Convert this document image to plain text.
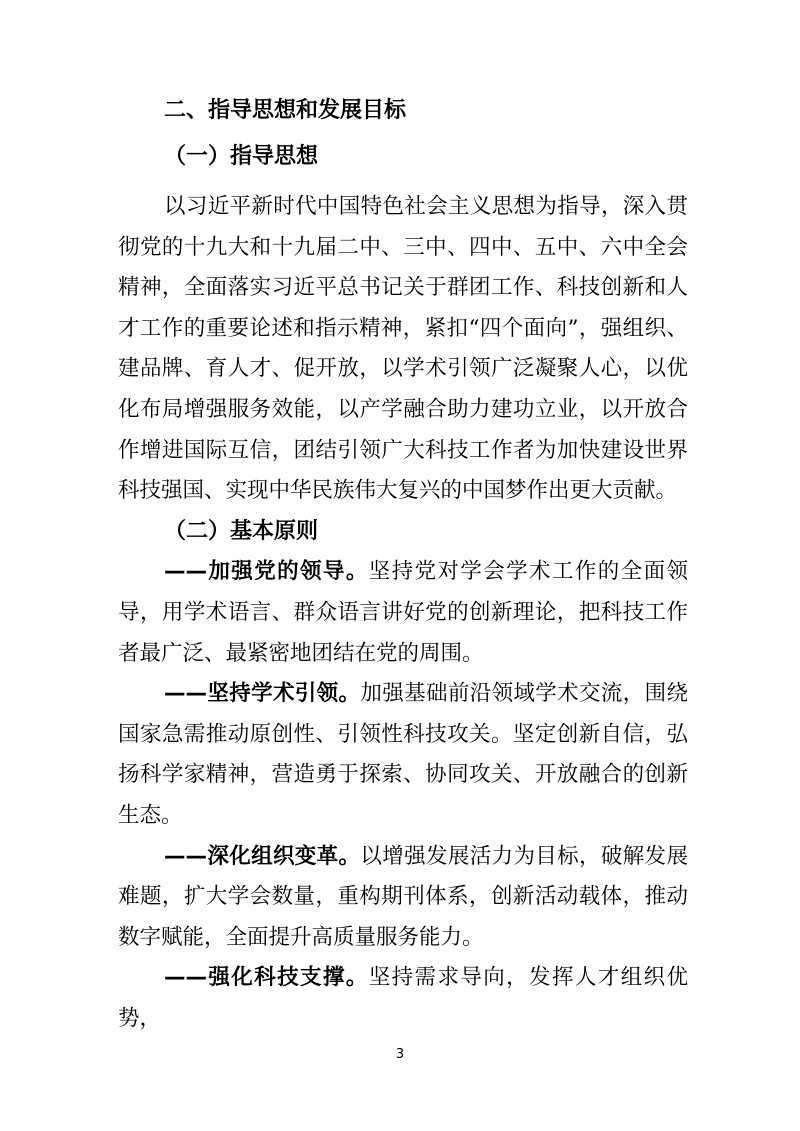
二、指导思想和发展目标
（一）指导思想

以习近平新时代中国特色社会主义思想为指导，深入贯彻党的十九大和十九届二中、三中、四中、五中、六中全会精神，全面落实习近平总书记关于群团工作、科技创新和人才工作的重要论述和指示精神，紧扣“四个面向”，强组织、建品牌、育人才、促开放，以学术引领广泛凝聚人心，以优化布局增强服务效能，以产学融合助力建功立业，以开放合作增进国际互信，团结引领广大科技工作者为加快建设世界科技强国、实现中华民族伟大复兴的中国梦作出更大贡献。

（二）基本原则

——加强党的领导。坚持党对学会学术工作的全面领导，用学术语言、群众语言讲好党的创新理论，把科技工作者最广泛、最紧密地团结在党的周围。

——坚持学术引领。加强基础前沿领域学术交流，围绕国家急需推动原创性、引领性科技攻关。坚定创新自信，弘扬科学家精神，营造勇于探索、协同攻关、开放融合的创新生态。

——深化组织变革。以增强发展活力为目标，破解发展难题，扩大学会数量，重构期刊体系，创新活动载体，推动数字赋能，全面提升高质量服务能力。

——强化科技支撑。坚持需求导向，发挥人才组织优势，

3
